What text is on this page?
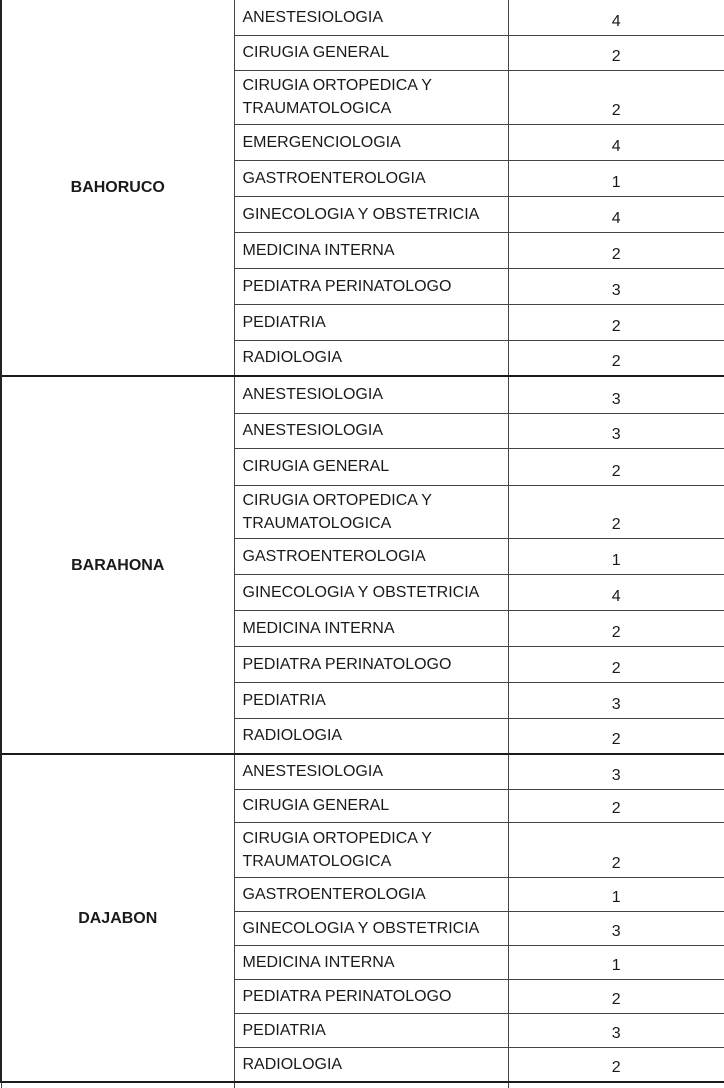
BAHORUCO	ANESTESIOLOGIA	4
	CIRUGIA GENERAL	2
	CIRUGIA ORTOPEDICA Y TRAUMATOLOGICA	2
	EMERGENCIOLOGIA	4
	GASTROENTEROLOGIA	1
	GINECOLOGIA Y OBSTETRICIA	4
	MEDICINA INTERNA	2
	PEDIATRA PERINATOLOGO	3
	PEDIATRIA	2
	RADIOLOGIA	2
BARAHONA	ANESTESIOLOGIA	3
	ANESTESIOLOGIA	3
	CIRUGIA GENERAL	2
	CIRUGIA ORTOPEDICA Y TRAUMATOLOGICA	2
	GASTROENTEROLOGIA	1
	GINECOLOGIA Y OBSTETRICIA	4
	MEDICINA INTERNA	2
	PEDIATRA PERINATOLOGO	2
	PEDIATRIA	3
	RADIOLOGIA	2
DAJABON	ANESTESIOLOGIA	3
	CIRUGIA GENERAL	2
	CIRUGIA ORTOPEDICA Y TRAUMATOLOGICA	2
	GASTROENTEROLOGIA	1
	GINECOLOGIA Y OBSTETRICIA	3
	MEDICINA INTERNA	1
	PEDIATRA PERINATOLOGO	2
	PEDIATRIA	3
	RADIOLOGIA	2
